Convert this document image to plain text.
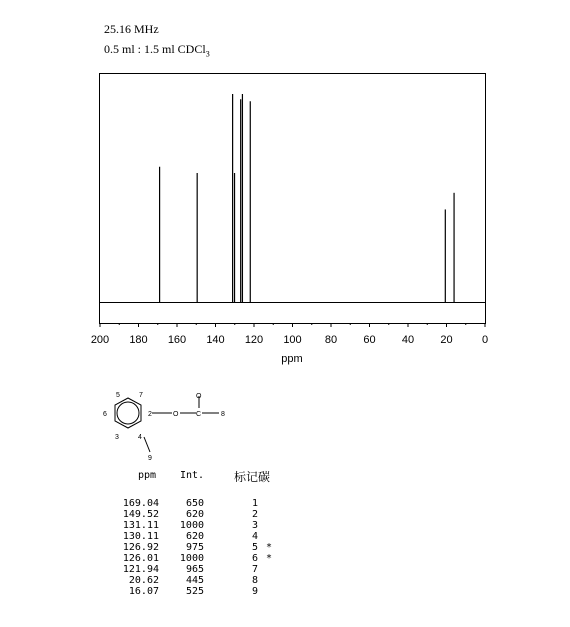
25.16 MHz
0.5 ml : 1.5 ml CDCl$_3$
200 180 160 140 120 100 80 60 40 20	0
ppm
5	7
6	2
3	4
9
O	C
O
8
ppm Int. 标记碳
169.04	650	1
149.52	620	2
131.11	1000	3
130.11	620	4
126.92	975	5 *
126.01	1000	6 *
121.94	965	7
20.62	445	8
16.07	525	9
